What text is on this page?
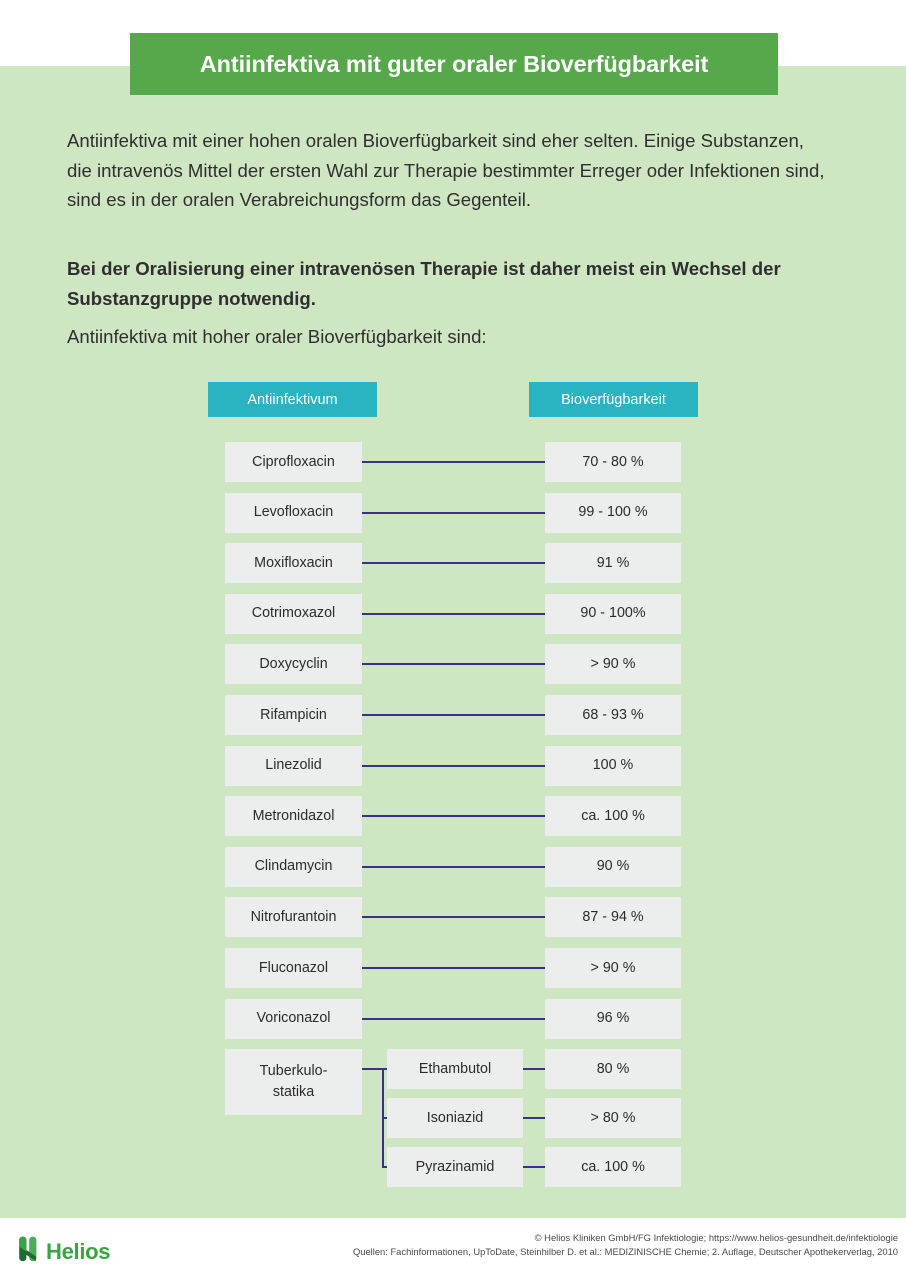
Antiinfektiva mit guter oraler Bioverfügbarkeit
Antiinfektiva mit einer hohen oralen Bioverfügbarkeit sind eher selten. Einige Substanzen, die intravenös Mittel der ersten Wahl zur Therapie bestimmter Erreger oder Infektionen sind, sind es in der oralen Verabreichungsform das Gegenteil.
Bei der Oralisierung einer intravenösen Therapie ist daher meist ein Wechsel der Substanzgruppe notwendig.
Antiinfektiva mit hoher oraler Bioverfügbarkeit sind:
Antiinfektivum	Bioverfügbarkeit
Ciprofloxacin	70 - 80 %
Levofloxacin	99 - 100 %
Moxifloxacin	91 %
Cotrimoxazol	90 - 100%
Doxycyclin	> 90 %
Rifampicin	68 - 93 %
Linezolid	100 %
Metronidazol	ca. 100 %
Clindamycin	90 %
Nitrofurantoin	87 - 94 %
Fluconazol	> 90 %
Voriconazol	96 %
Tuberkulo-
statika
Ethambutol	80 %
Isoniazid	> 80 %
Pyrazinamid	ca. 100 %
© Helios Kliniken GmbH/FG Infektiologie; https://www.helios-gesundheit.de/infektiologie
Quellen: Fachinformationen, UpToDate, Steinhilber D. et al.: MEDIZINISCHE Chemie; 2. Auflage, Deutscher Apothekerverlag, 2010
Helios
